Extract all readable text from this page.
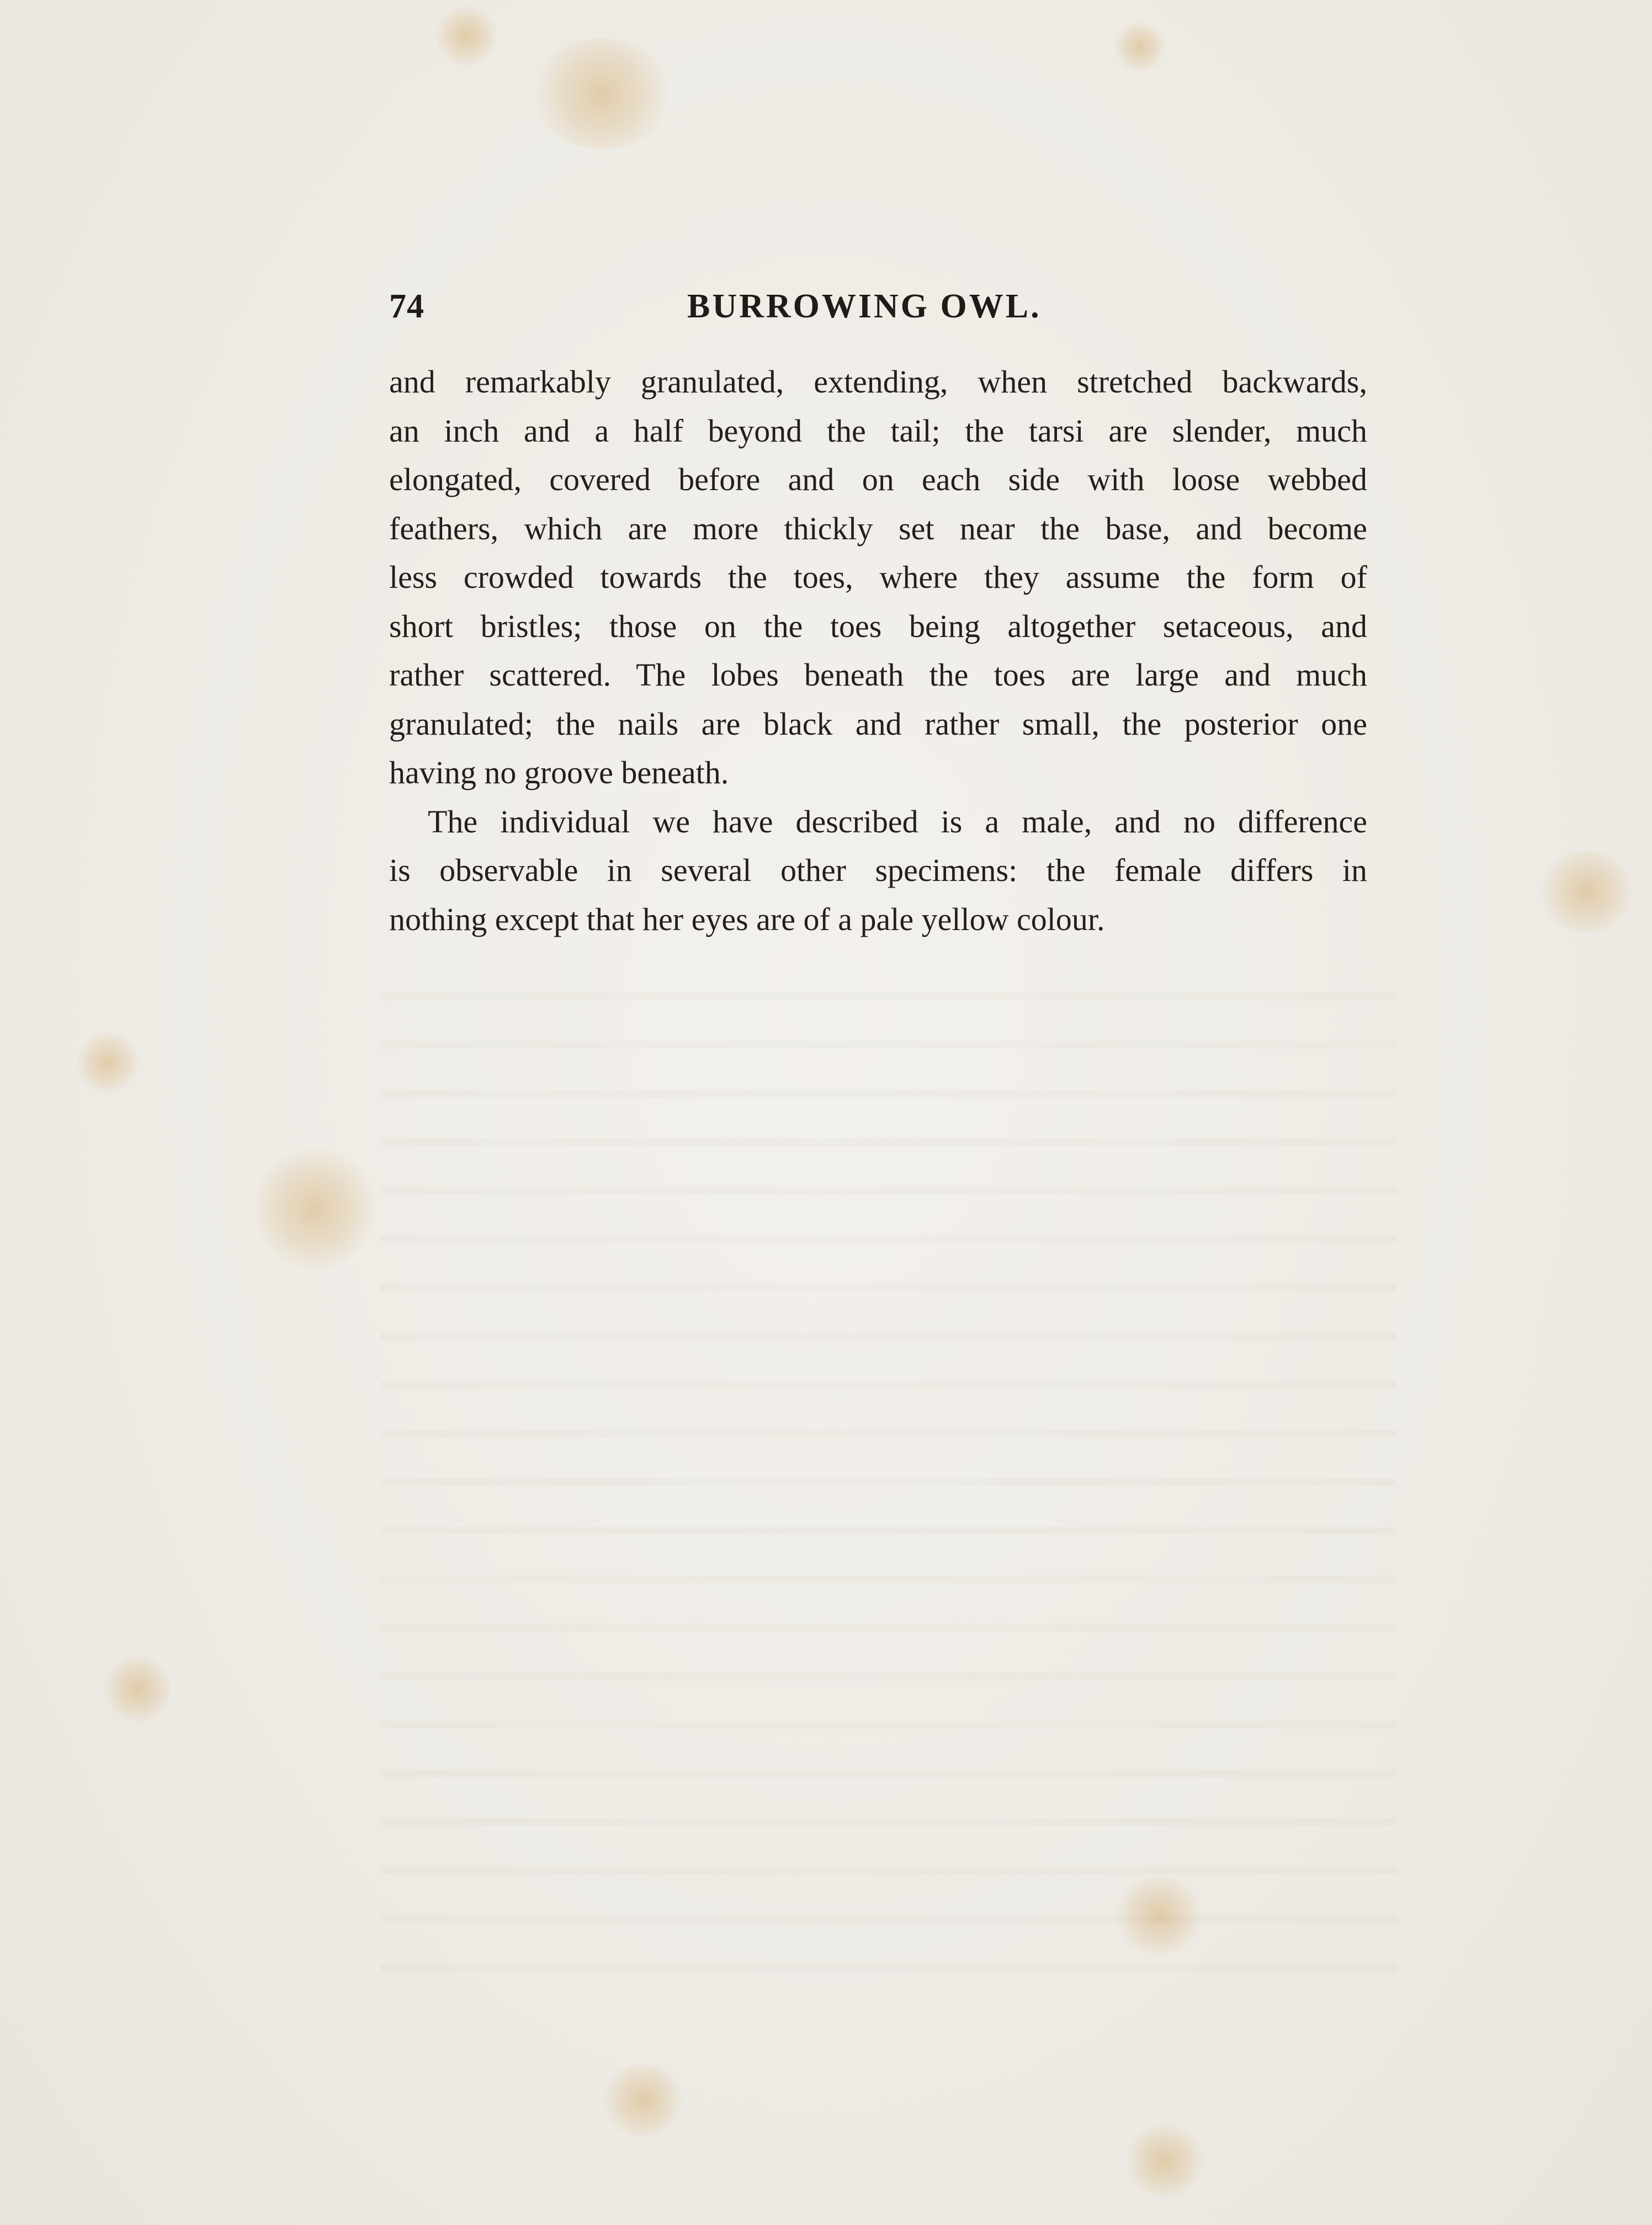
74	BURROWING OWL.
and remarkably granulated, extending, when stretched backwards,
an inch and a half beyond the tail; the tarsi are slender, much
elongated, covered before and on each side with loose webbed
feathers, which are more thickly set near the base, and become
less crowded towards the toes, where they assume the form of
short bristles; those on the toes being altogether setaceous, and
rather scattered. The lobes beneath the toes are large and much
granulated; the nails are black and rather small, the posterior one
having no groove beneath.
The individual we have described is a male, and no difference
is observable in several other specimens: the female differs in
nothing except that her eyes are of a pale yellow colour.
